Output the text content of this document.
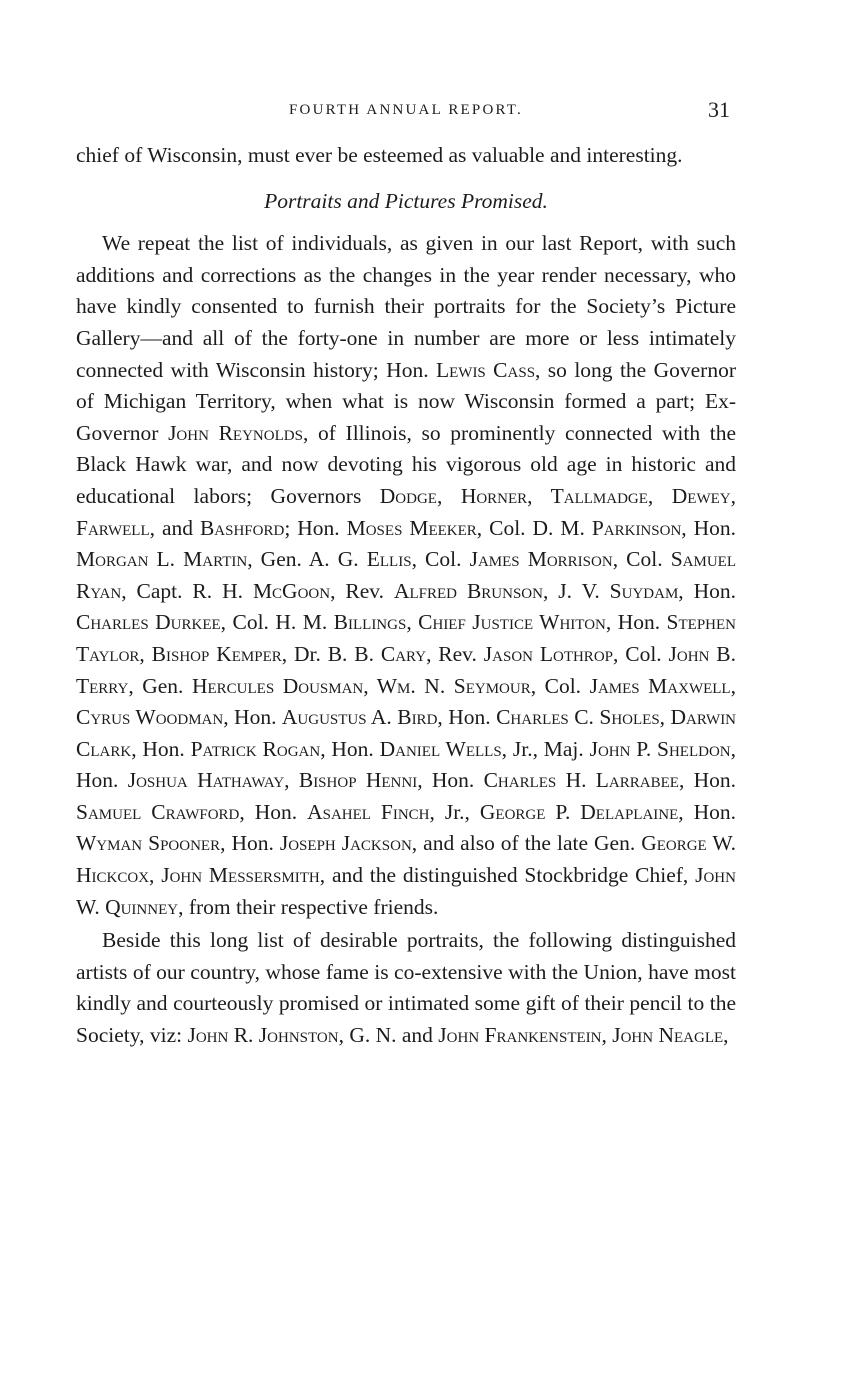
FOURTH ANNUAL REPORT.	31

chief of Wisconsin, must ever be esteemed as valuable and interesting.

Portraits and Pictures Promised.

We repeat the list of individuals, as given in our last Report, with such additions and corrections as the changes in the year render necessary, who have kindly consented to furnish their portraits for the Society’s Picture Gallery—and all of the forty-one in number are more or less intimately connected with Wisconsin history; Hon. Lewis Cass, so long the Governor of Michigan Territory, when what is now Wisconsin formed a part; Ex-Governor John Reynolds, of Illinois, so prominently connected with the Black Hawk war, and now devoting his vigorous old age in historic and educational labors; Governors Dodge, Horner, Tallmadge, Dewey, Farwell, and Bashford; Hon. Moses Meeker, Col. D. M. Parkinson, Hon. Morgan L. Martin, Gen. A. G. Ellis, Col. James Morrison, Col. Samuel Ryan, Capt. R. H. McGoon, Rev. Alfred Brunson, J. V. Suydam, Hon. Charles Durkee, Col. H. M. Billings, Chief Justice Whiton, Hon. Stephen Taylor, Bishop Kemper, Dr. B. B. Cary, Rev. Jason Lothrop, Col. John B. Terry, Gen. Hercules Dousman, Wm. N. Seymour, Col. James Maxwell, Cyrus Woodman, Hon. Augustus A. Bird, Hon. Charles C. Sholes, Darwin Clark, Hon. Patrick Rogan, Hon. Daniel Wells, Jr., Maj. John P. Sheldon, Hon. Joshua Hathaway, Bishop Henni, Hon. Charles H. Larrabee, Hon. Samuel Crawford, Hon. Asahel Finch, Jr., George P. Delaplaine, Hon. Wyman Spooner, Hon. Joseph Jackson, and also of the late Gen. George W. Hickcox, John Messersmith, and the distinguished Stockbridge Chief, John W. Quinney, from their respective friends.

Beside this long list of desirable portraits, the following distinguished artists of our country, whose fame is co-extensive with the Union, have most kindly and courteously promised or intimated some gift of their pencil to the Society, viz: John R. Johnston, G. N. and John Frankenstein, John Neagle,
